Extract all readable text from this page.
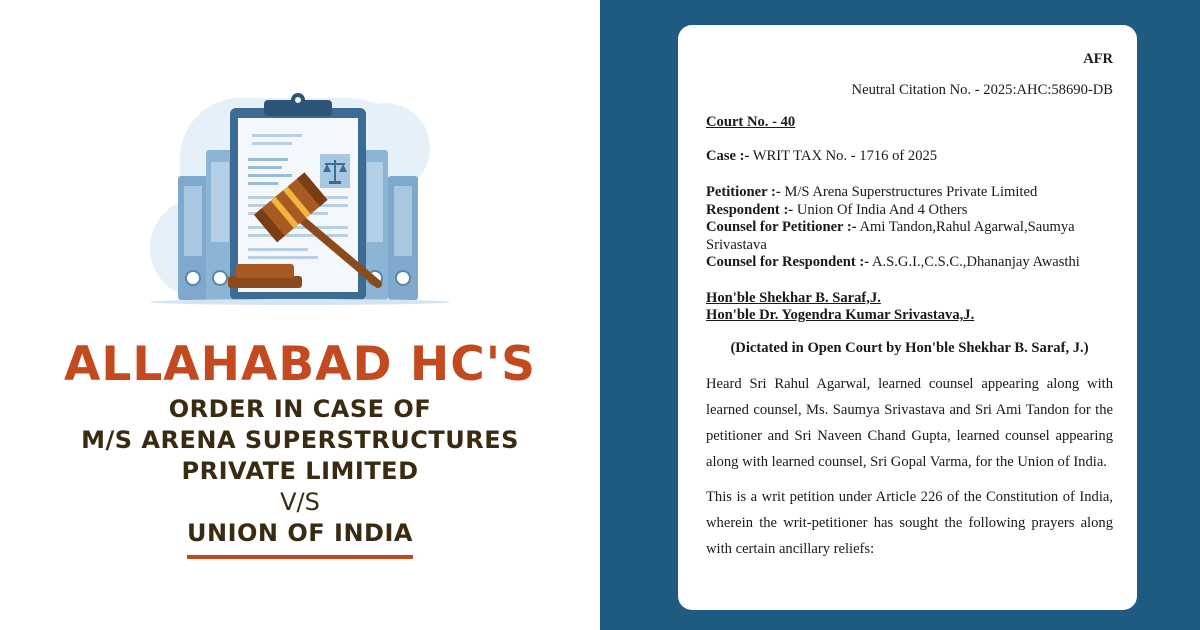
ALLAHABAD HC'S
ORDER IN CASE OF
M/S ARENA SUPERSTRUCTURES
PRIVATE LIMITED
V/S
UNION OF INDIA
AFR
Neutral Citation No. - 2025:AHC:58690-DB
Court No. - 40
Case :- WRIT TAX No. - 1716 of 2025
Petitioner :- M/S Arena Superstructures Private Limited
Respondent :- Union Of India And 4 Others
Counsel for Petitioner :- Ami Tandon,Rahul Agarwal,Saumya Srivastava
Counsel for Respondent :- A.S.G.I.,C.S.C.,Dhananjay Awasthi
Hon'ble Shekhar B. Saraf,J.
Hon'ble Dr. Yogendra Kumar Srivastava,J.
(Dictated in Open Court by Hon'ble Shekhar B. Saraf, J.)
Heard Sri Rahul Agarwal, learned counsel appearing along with learned counsel, Ms. Saumya Srivastava and Sri Ami Tandon for the petitioner and Sri Naveen Chand Gupta, learned counsel appearing along with learned counsel, Sri Gopal Varma, for the Union of India.
This is a writ petition under Article 226 of the Constitution of India, wherein the writ-petitioner has sought the following prayers along with certain ancillary reliefs:
